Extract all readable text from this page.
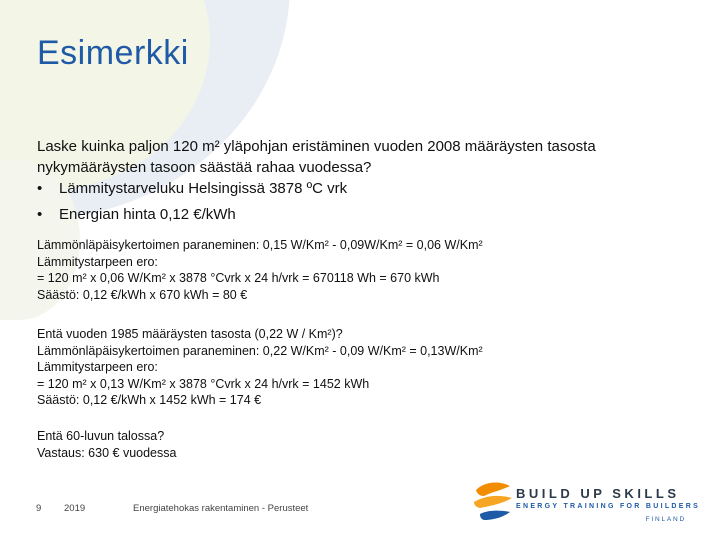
Esimerkki
Laske kuinka paljon 120 m² yläpohjan eristäminen vuoden 2008 määräysten tasosta nykymääräysten tasoon säästää rahaa vuodessa?
•	Lämmitystarveluku Helsingissä 3878 ºC vrk
•	Energian hinta 0,12 €/kWh
Lämmönläpäisykertoimen paraneminen: 0,15 W/Km² - 0,09W/Km² = 0,06 W/Km²
Lämmitystarpeen ero:
= 120 m² x 0,06 W/Km² x 3878 °Cvrk x 24 h/vrk = 670118 Wh = 670 kWh
Säästö: 0,12 €/kWh x 670 kWh = 80 €
Entä vuoden 1985 määräysten tasosta (0,22 W / Km²)?
Lämmönläpäisykertoimen paraneminen: 0,22 W/Km² - 0,09 W/Km² = 0,13W/Km²
Lämmitystarpeen ero:
= 120 m² x 0,13 W/Km² x 3878 °Cvrk x 24 h/vrk = 1452 kWh
Säästö: 0,12 €/kWh x 1452 kWh = 174 €
Entä 60-luvun talossa?
Vastaus: 630 € vuodessa
9 2019	Energiatehokas rakentaminen - Perusteet
BUILD UP SKILLS
ENERGY TRAINING FOR BUILDERS
FINLAND
